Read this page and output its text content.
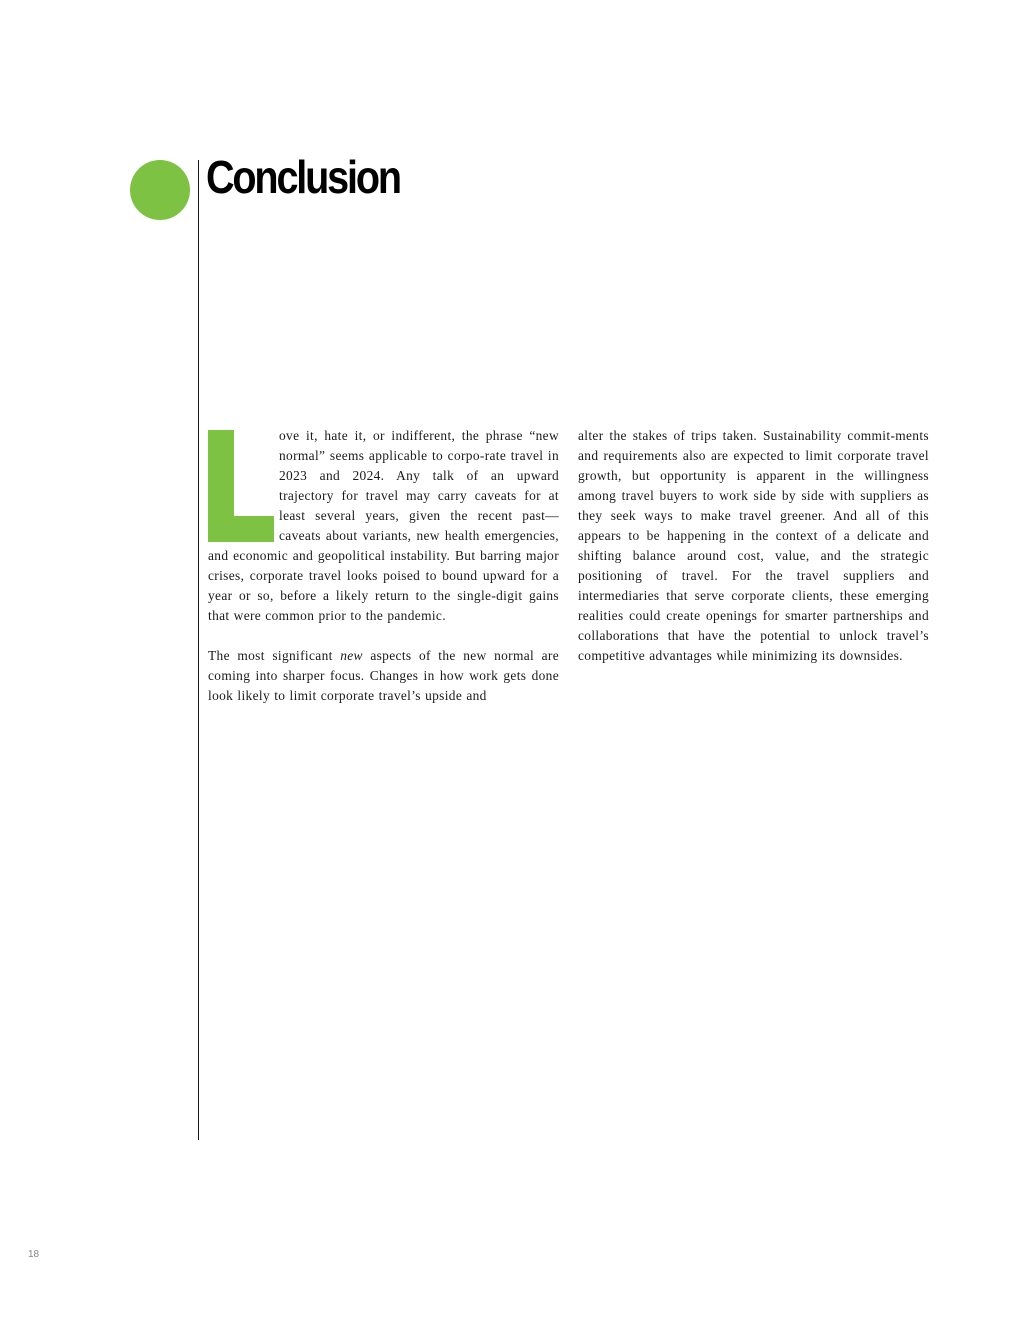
Conclusion

ove it, hate it, or indifferent, the phrase “new normal” seems applicable to corpo-rate travel in 2023 and 2024. Any talk of an upward trajectory for travel may carry caveats for at least several years, given the recent past—caveats about variants, new health emergencies, and economic and geopolitical instability. But barring major crises, corporate travel looks poised to bound upward for a year or so, before a likely return to the single-digit gains that were common prior to the pandemic.

The most significant new aspects of the new normal are coming into sharper focus. Changes in how work gets done look likely to limit corporate travel’s upside and

alter the stakes of trips taken. Sustainability commit-ments and requirements also are expected to limit corporate travel growth, but opportunity is apparent in the willingness among travel buyers to work side by side with suppliers as they seek ways to make travel greener. And all of this appears to be happening in the context of a delicate and shifting balance around cost, value, and the strategic positioning of travel. For the travel suppliers and intermediaries that serve corporate clients, these emerging realities could create openings for smarter partnerships and collaborations that have the potential to unlock travel’s competitive advantages while minimizing its downsides.

18
